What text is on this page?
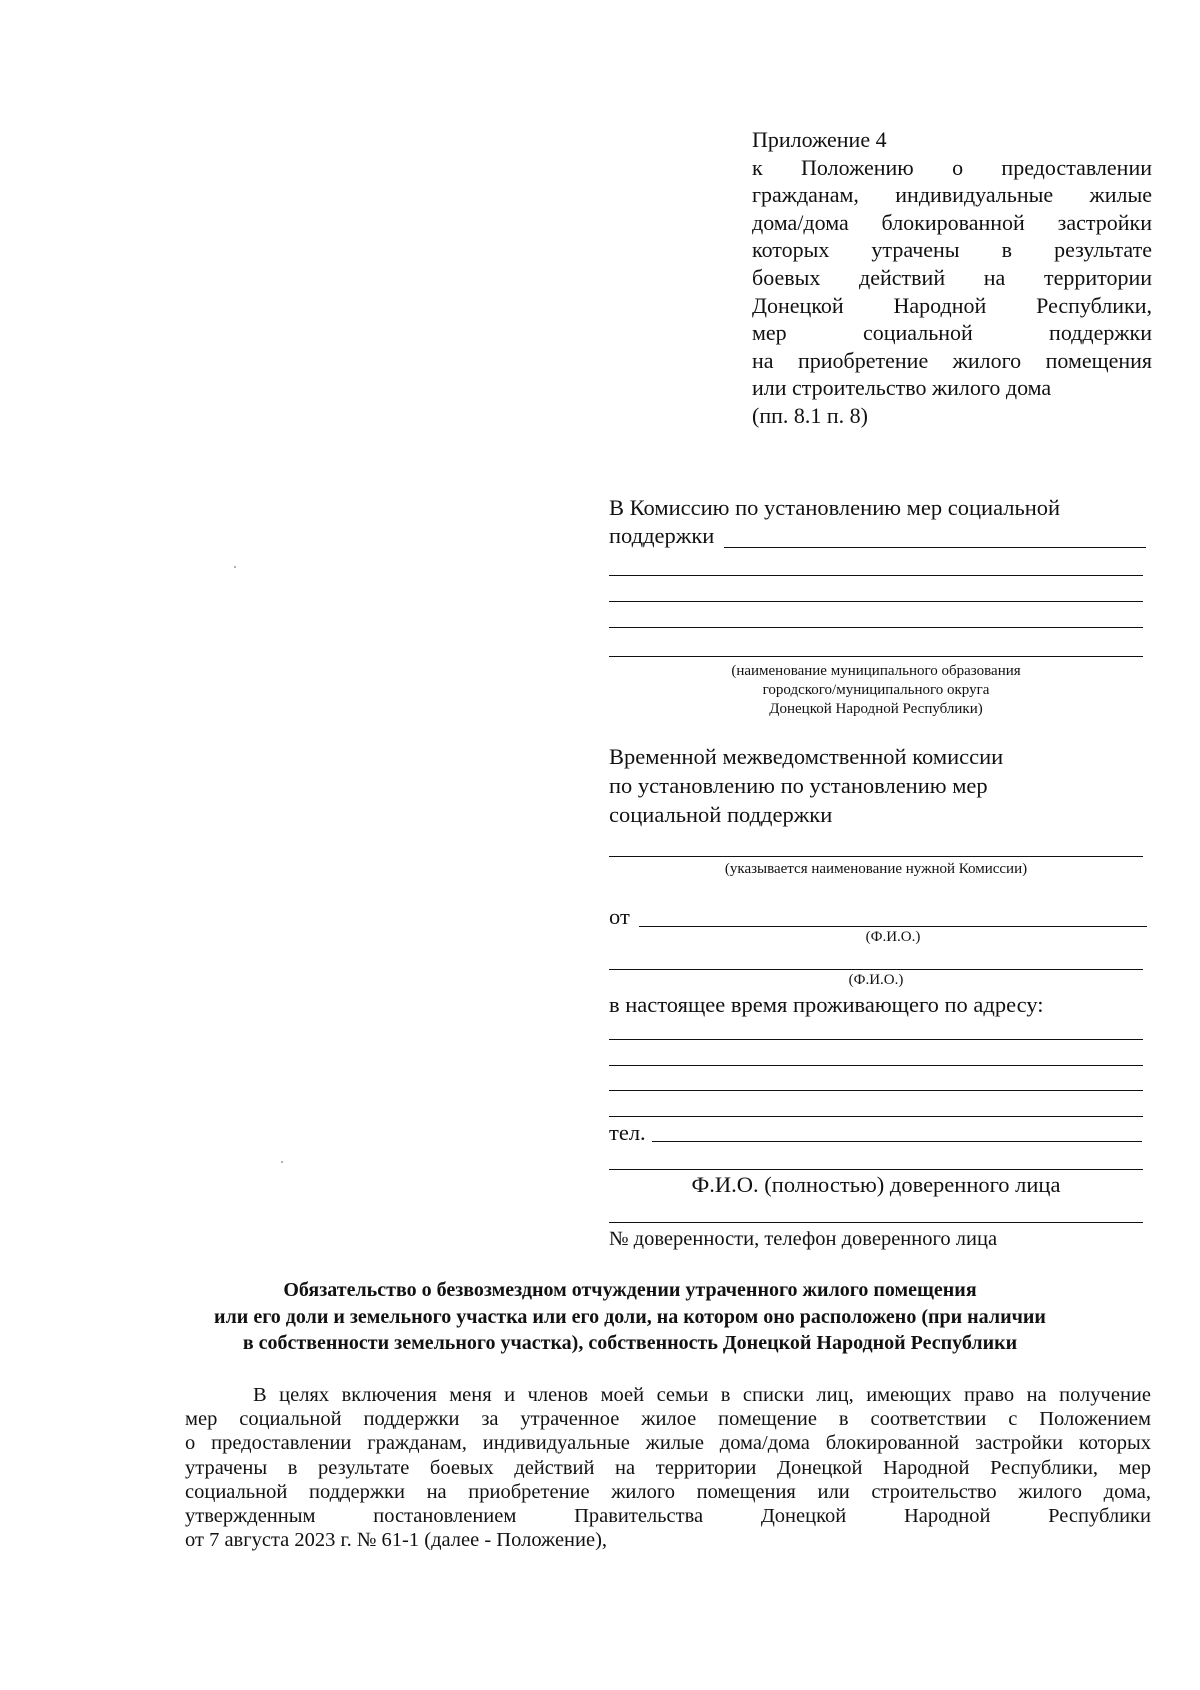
Приложение 4
к Положению о предоставлении
гражданам, индивидуальные жилые
дома/дома блокированной застройки
которых утрачены в результате
боевых действий на территории
Донецкой Народной Республики,
мер социальной поддержки
на приобретение жилого помещения
или строительство жилого дома
(пп. 8.1 п. 8)
В Комиссию по установлению мер социальной
поддержки
(наименование муниципального образования
городского/муниципального округа
Донецкой Народной Республики)
Временной межведомственной комиссии
по установлению по установлению мер
социальной поддержки
(указывается наименование нужной Комиссии)
от
(Ф.И.О.)
(Ф.И.О.)
в настоящее время проживающего по адресу:
тел.
Ф.И.О. (полностью) доверенного лица
№ доверенности, телефон доверенного лица
Обязательство о безвозмездном отчуждении утраченного жилого помещения
или его доли и земельного участка или его доли, на котором оно расположено (при наличии
в собственности земельного участка), собственность Донецкой Народной Республики
В целях включения меня и членов моей семьи в списки лиц, имеющих право на получение
мер социальной поддержки за утраченное жилое помещение в соответствии с Положением
о предоставлении гражданам, индивидуальные жилые дома/дома блокированной застройки которых
утрачены в результате боевых действий на территории Донецкой Народной Республики, мер
социальной поддержки на приобретение жилого помещения или строительство жилого дома,
утвержденным постановлением Правительства Донецкой Народной Республики
от 7 августа 2023 г. № 61-1 (далее - Положение),
